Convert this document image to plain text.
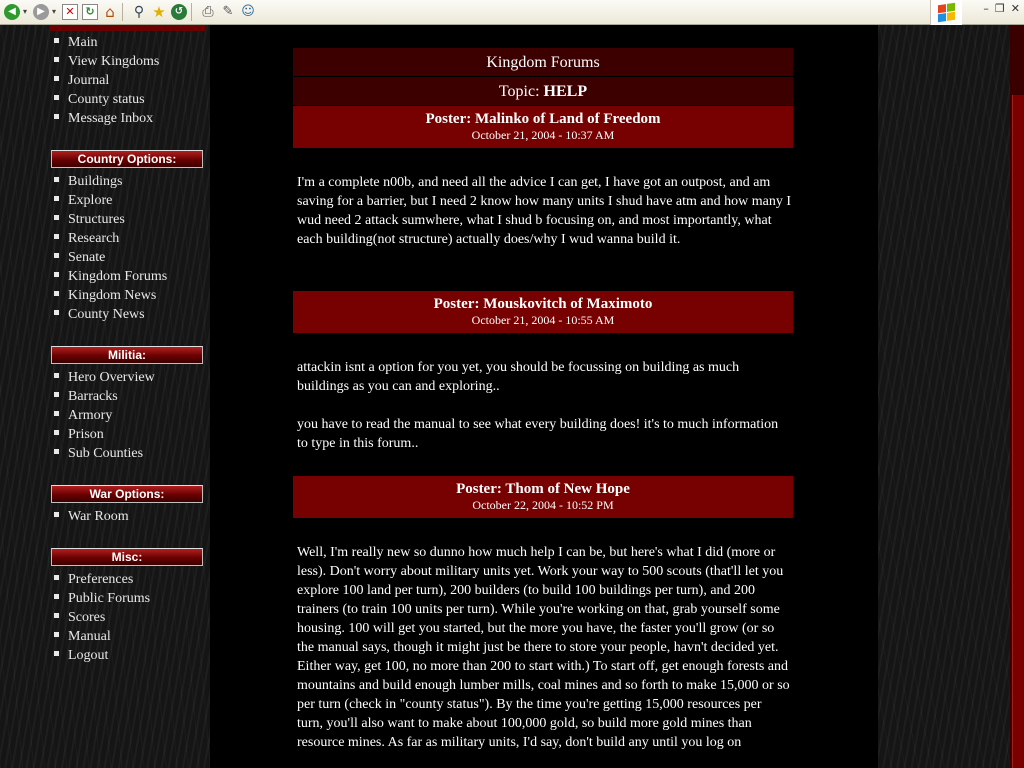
◀ ▾	▶ ▾ ✕ ↻ ⌂ ⚲ ★ ↺ ⎙ ✎ ☺	– ❐ ✕
Main
View Kingdoms
Journal
County status
Message Inbox
Country Options:
Buildings
Explore
Structures
Research
Senate
Kingdom Forums
Kingdom News
County News
Militia:
Hero Overview
Barracks
Armory
Prison
Sub Counties
War Options:
War Room
Misc:
Preferences
Public Forums
Scores
Manual
Logout
Kingdom Forums
Topic: HELP
Poster: Malinko of Land of Freedom
October 21, 2004 - 10:37 AM

I'm a complete n00b, and need all the advice I can get, I have got an outpost, and am saving for a barrier, but I need 2 know how many units I shud have atm and how many I wud need 2 attack sumwhere, what I shud b focusing on, and most importantly, what each building(not structure) actually does/why I wud wanna build it.

Poster: Mouskovitch of Maximoto
October 21, 2004 - 10:55 AM

attackin isnt a option for you yet, you should be focussing on building as much buildings as you can and exploring..

you have to read the manual to see what every building does! it's to much information to type in this forum..

Poster: Thom of New Hope
October 22, 2004 - 10:52 PM

Well, I'm really new so dunno how much help I can be, but here's what I did (more or less). Don't worry about military units yet. Work your way to 500 scouts (that'll let you explore 100 land per turn), 200 builders (to build 100 buildings per turn), and 200 trainers (to train 100 units per turn). While you're working on that, grab yourself some housing. 100 will get you started, but the more you have, the faster you'll grow (or so the manual says, though it might just be there to store your people, havn't decided yet. Either way, get 100, no more than 200 to start with.) To start off, get enough forests and mountains and build enough lumber mills, coal mines and so forth to make 15,000 or so per turn (check in "county status"). By the time you're getting 15,000 resources per turn, you'll also want to make about 100,000 gold, so build more gold mines than resource mines. As far as military units, I'd say, don't build any until you log on
